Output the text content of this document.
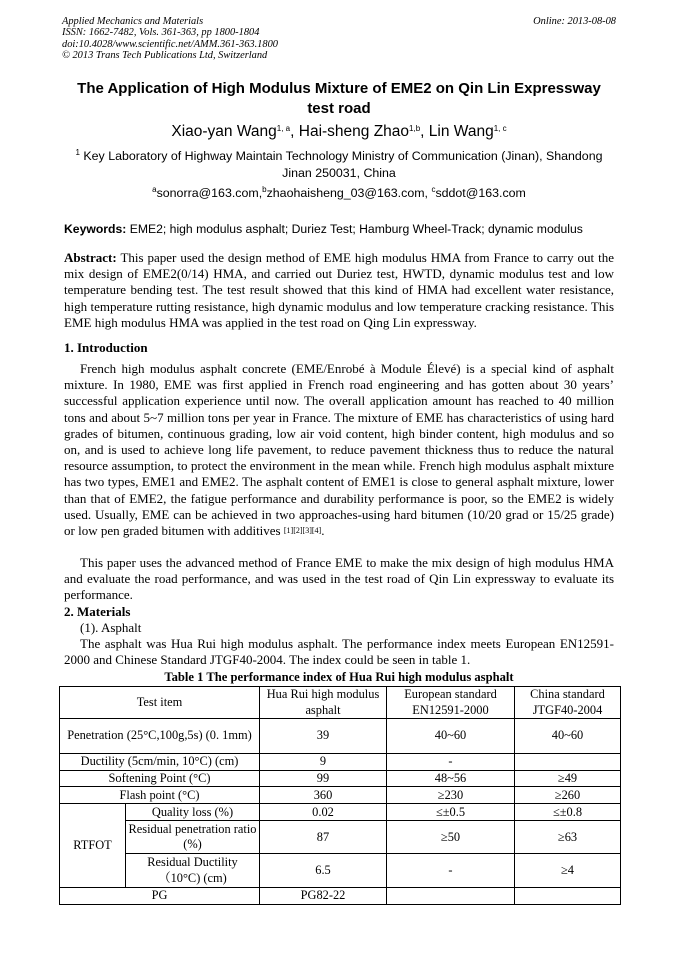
Applied Mechanics and Materials
ISSN: 1662-7482, Vols. 361-363, pp 1800-1804
doi:10.4028/www.scientific.net/AMM.361-363.1800
© 2013 Trans Tech Publications Ltd, Switzerland
Online: 2013-08-08
The Application of High Modulus Mixture of EME2 on Qin Lin Expressway test road
Xiao-yan Wang$^{1, a}$, Hai-sheng Zhao$^{1,b}$, Lin Wang$^{1, c}$
$^1$ Key Laboratory of Highway Maintain Technology Ministry of Communication (Jinan), Shandong Jinan 250031, China
$^a$sonorra@163.com,$^b$zhaohaisheng_03@163.com, $^c$sddot@163.com
Keywords: EME2; high modulus asphalt; Duriez Test; Hamburg Wheel-Track; dynamic modulus
Abstract: This paper used the design method of EME high modulus HMA from France to carry out the mix design of EME2(0/14) HMA, and carried out Duriez test, HWTD, dynamic modulus test and low temperature bending test. The test result showed that this kind of HMA had excellent water resistance, high temperature rutting resistance, high dynamic modulus and low temperature cracking resistance. This EME high modulus HMA was applied in the test road on Qing Lin expressway.
1. Introduction
French high modulus asphalt concrete (EME/Enrobé à Module Élevé) is a special kind of asphalt mixture. In 1980, EME was first applied in French road engineering and has gotten about 30 years’ successful application experience until now. The overall application amount has reached to 40 million tons and about 5~7 million tons per year in France. The mixture of EME has characteristics of using hard grades of bitumen, continuous grading, low air void content, high binder content, high modulus and so on, and is used to achieve long life pavement, to reduce pavement thickness thus to reduce the natural resource assumption, to protect the environment in the mean while. French high modulus asphalt mixture has two types, EME1 and EME2. The asphalt content of EME1 is close to general asphalt mixture, lower than that of EME2, the fatigue performance and durability performance is poor, so the EME2 is widely used. Usually, EME can be achieved in two approaches-using hard bitumen (10/20 grad or 15/25 grade) or low pen graded bitumen with additives [1][2][3][4].
This paper uses the advanced method of France EME to make the mix design of high modulus HMA and evaluate the road performance, and was used in the test road of Qin Lin expressway to evaluate its performance.
2. Materials
(1). Asphalt
The asphalt was Hua Rui high modulus asphalt. The performance index meets European EN12591-2000 and Chinese Standard JTGF40-2004. The index could be seen in table 1.
Table 1 The performance index of Hua Rui high modulus asphalt
Test item		Hua Rui high modulus asphalt	European standard EN12591-2000	China standard JTGF40-2004
Penetration (25°C,100g,5s) (0. 1mm)		39	40~60	40~60
Ductility (5cm/min, 10°C) (cm)		9	-	
Softening Point (°C)		99	48~56	≥49
Flash point (°C)		360	≥230	≥260
RTFOT	Quality loss (%)	0.02	≤±0.5	≤±0.8
	Residual penetration ratio (%)	87	≥50	≥63
	Residual Ductility （10°C) (cm)	6.5	-	≥4
PG		PG82-22		
